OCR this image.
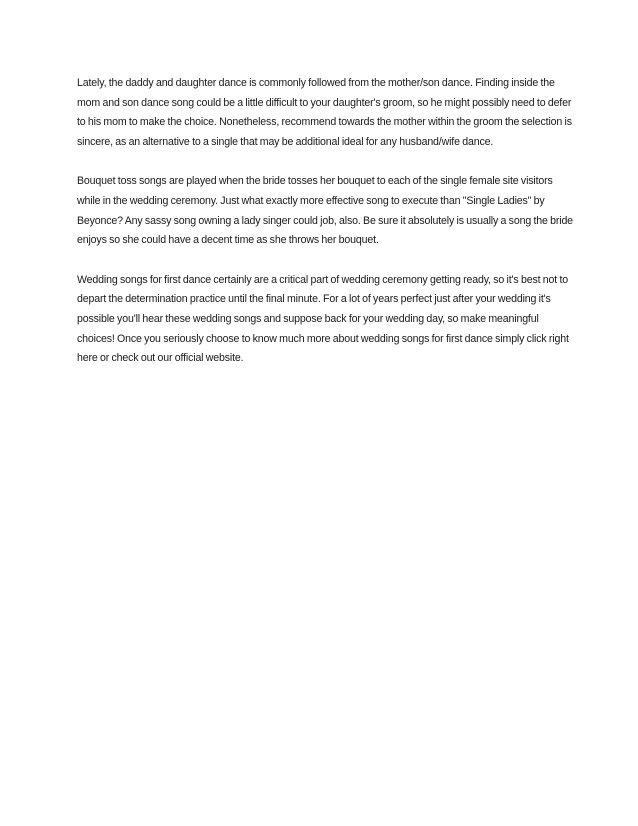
Lately, the daddy and daughter dance is commonly followed from the mother/son dance. Finding inside the mom and son dance song could be a little difficult to your daughter's groom, so he might possibly need to defer to his mom to make the choice. Nonetheless, recommend towards the mother within the groom the selection is sincere, as an alternative to a single that may be additional ideal for any husband/wife dance.

Bouquet toss songs are played when the bride tosses her bouquet to each of the single female site visitors while in the wedding ceremony. Just what exactly more effective song to execute than "Single Ladies" by Beyonce? Any sassy song owning a lady singer could job, also. Be sure it absolutely is usually a song the bride enjoys so she could have a decent time as she throws her bouquet.

Wedding songs for first dance certainly are a critical part of wedding ceremony getting ready, so it's best not to depart the determination practice until the final minute. For a lot of years perfect just after your wedding it's possible you'll hear these wedding songs and suppose back for your wedding day, so make meaningful choices! Once you seriously choose to know much more about wedding songs for first dance simply click right here or check out our official website.
